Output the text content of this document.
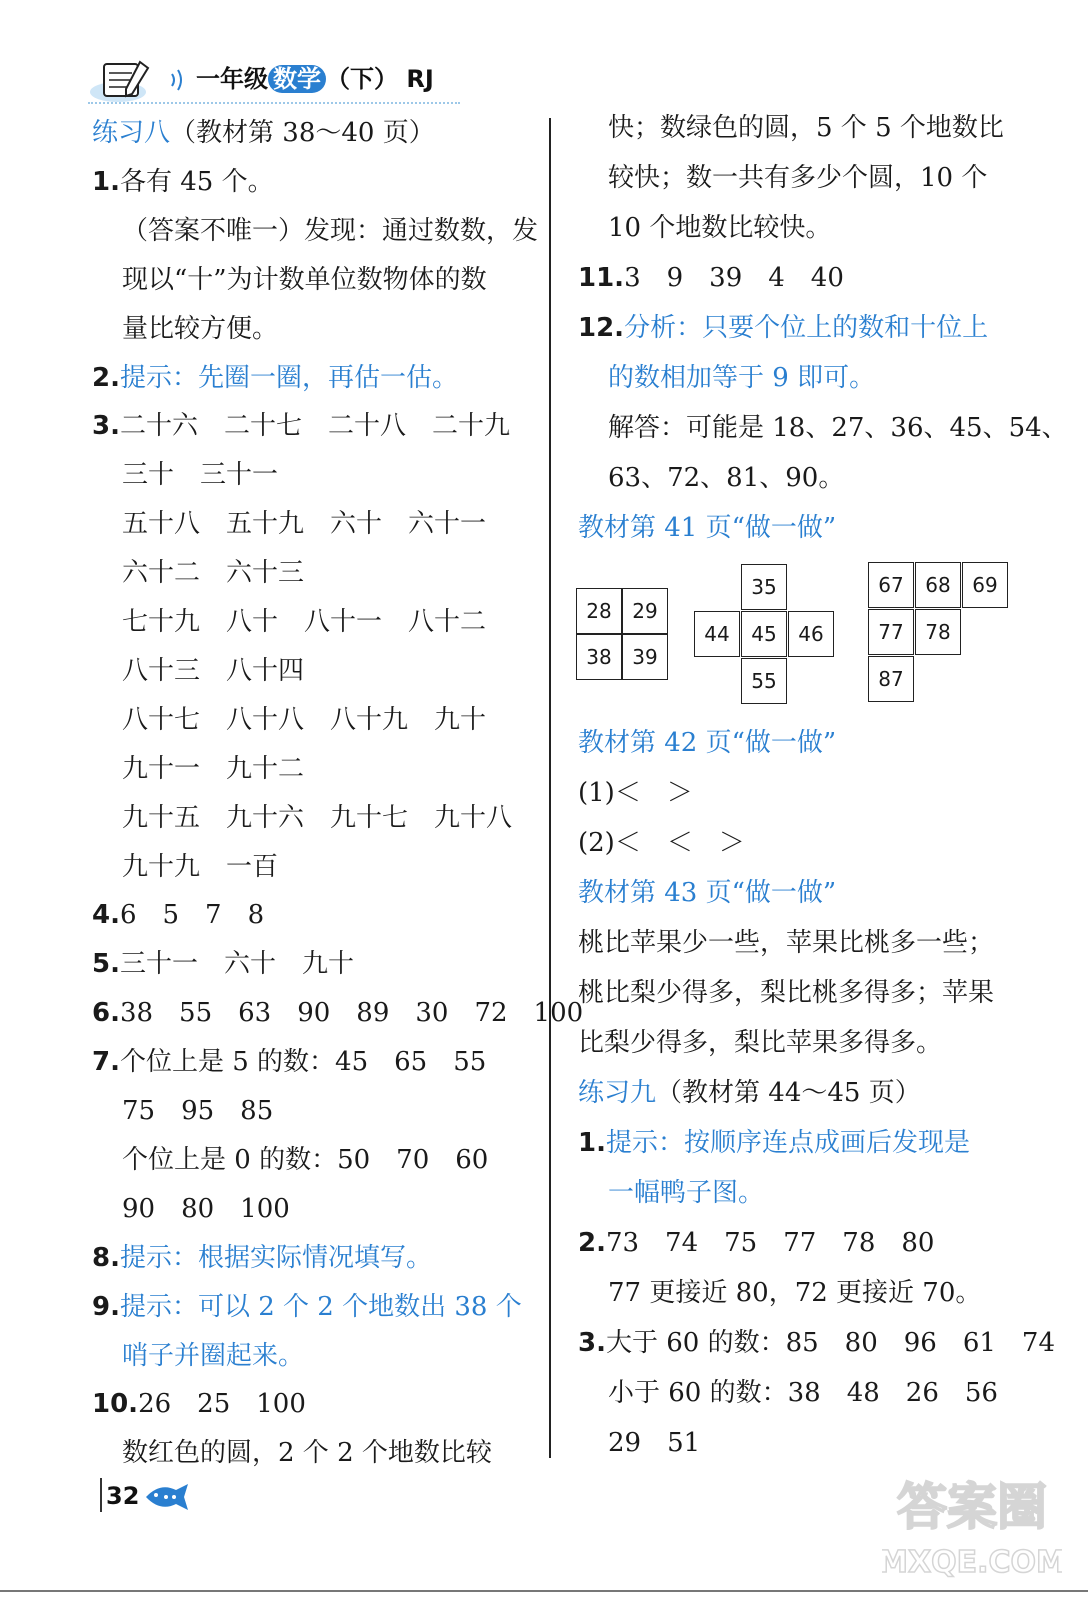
一年级 数学 （下） RJ
练习八（教材第 38～40 页）
1.各有 45 个。
（答案不唯一）发现：通过数数，发
现以“十”为计数单位数物体的数
量比较方便。
2.提示：先圈一圈，再估一估。
3.二十六　二十七　二十八　二十九
三十　三十一
五十八　五十九　六十　六十一
六十二　六十三
七十九　八十　八十一　八十二
八十三　八十四
八十七　八十八　八十九　九十
九十一　九十二
九十五　九十六　九十七　九十八
九十九　一百
4.6　5　7　8
5.三十一　六十　九十
6.38　55　63　90　89　30　72　100
7.个位上是 5 的数：45　65　55
75　95　85
个位上是 0 的数：50　70　60
90　80　100
8.提示：根据实际情况填写。
9.提示：可以 2 个 2 个地数出 38 个
哨子并圈起来。
10.26　25　100
数红色的圆，2 个 2 个地数比较
快；数绿色的圆，5 个 5 个地数比
较快；数一共有多少个圆，10 个
10 个地数比较快。
11.3　9　39　4　40
12.分析：只要个位上的数和十位上
的数相加等于 9 即可。
解答：可能是 18、27、36、45、54、
63、72、81、90。
教材第 41 页“做一做”
28	29
38	39
35
44	45	46
55
67	68	69
77	78
87
教材第 42 页“做一做”
(1)＜　＞
(2)＜　＜　＞
教材第 43 页“做一做”
桃比苹果少一些，苹果比桃多一些；
桃比梨少得多，梨比桃多得多；苹果
比梨少得多，梨比苹果多得多。
练习九（教材第 44～45 页）
1.提示：按顺序连点成画后发现是
一幅鸭子图。
2.73　74　75　77　78　80
77 更接近 80，72 更接近 70。
3.大于 60 的数：85　80　96　61　74
小于 60 的数：38　48　26　56
29　51
32	答案圈
MXQE.COM
